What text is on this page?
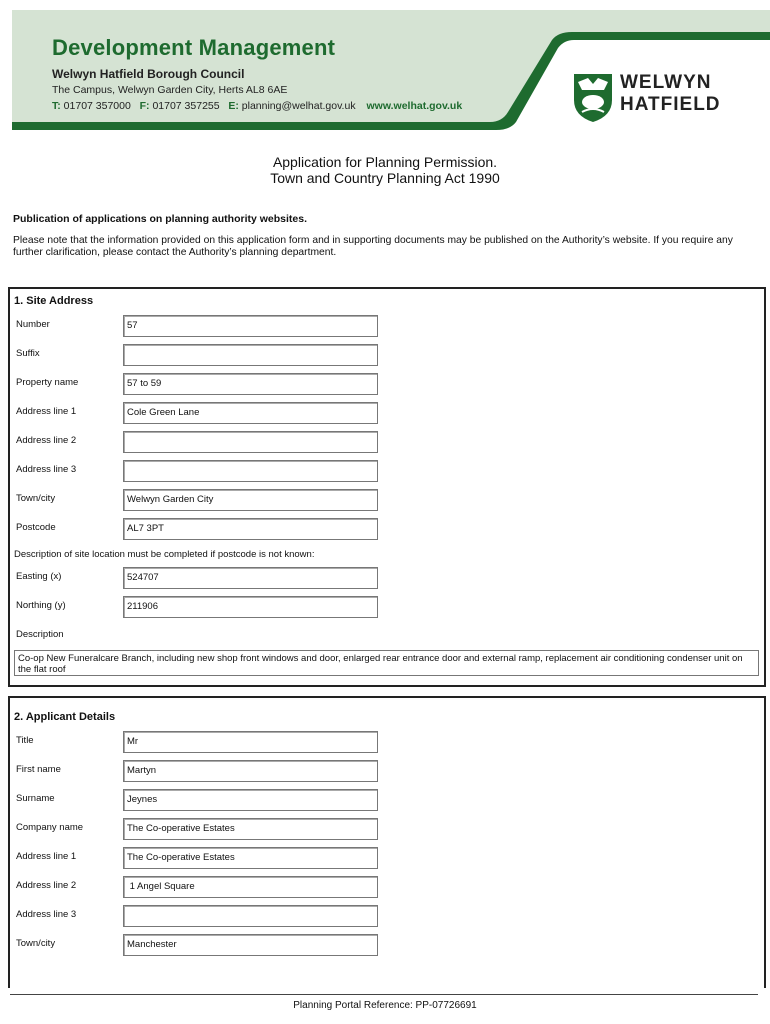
Development Management
Welwyn Hatfield Borough Council
The Campus, Welwyn Garden City, Herts AL8 6AE
T: 01707 357000 F: 01707 357255 E: planning@welhat.gov.uk www.welhat.gov.uk
WELWYN
HATFIELD
Application for Planning Permission.
Town and Country Planning Act 1990
Publication of applications on planning authority websites.
Please note that the information provided on this application form and in supporting documents may be published on the Authority’s website. If you require any further clarification, please contact the Authority’s planning department.
1. Site Address
Number	57
Suffix
Property name	57 to 59
Address line 1	Cole Green Lane
Address line 2
Address line 3
Town/city	Welwyn Garden City
Postcode	AL7 3PT
Description of site location must be completed if postcode is not known:
Easting (x)	524707
Northing (y)	211906
Description
Co-op New Funeralcare Branch, including new shop front windows and door, enlarged rear entrance door and external ramp, replacement air conditioning condenser unit on the flat roof
2. Applicant Details
Title	Mr
First name	Martyn
Surname	Jeynes
Company name	The Co-operative Estates
Address line 1	The Co-operative Estates
Address line 2	1 Angel Square
Address line 3
Town/city	Manchester
Planning Portal Reference: PP-07726691
